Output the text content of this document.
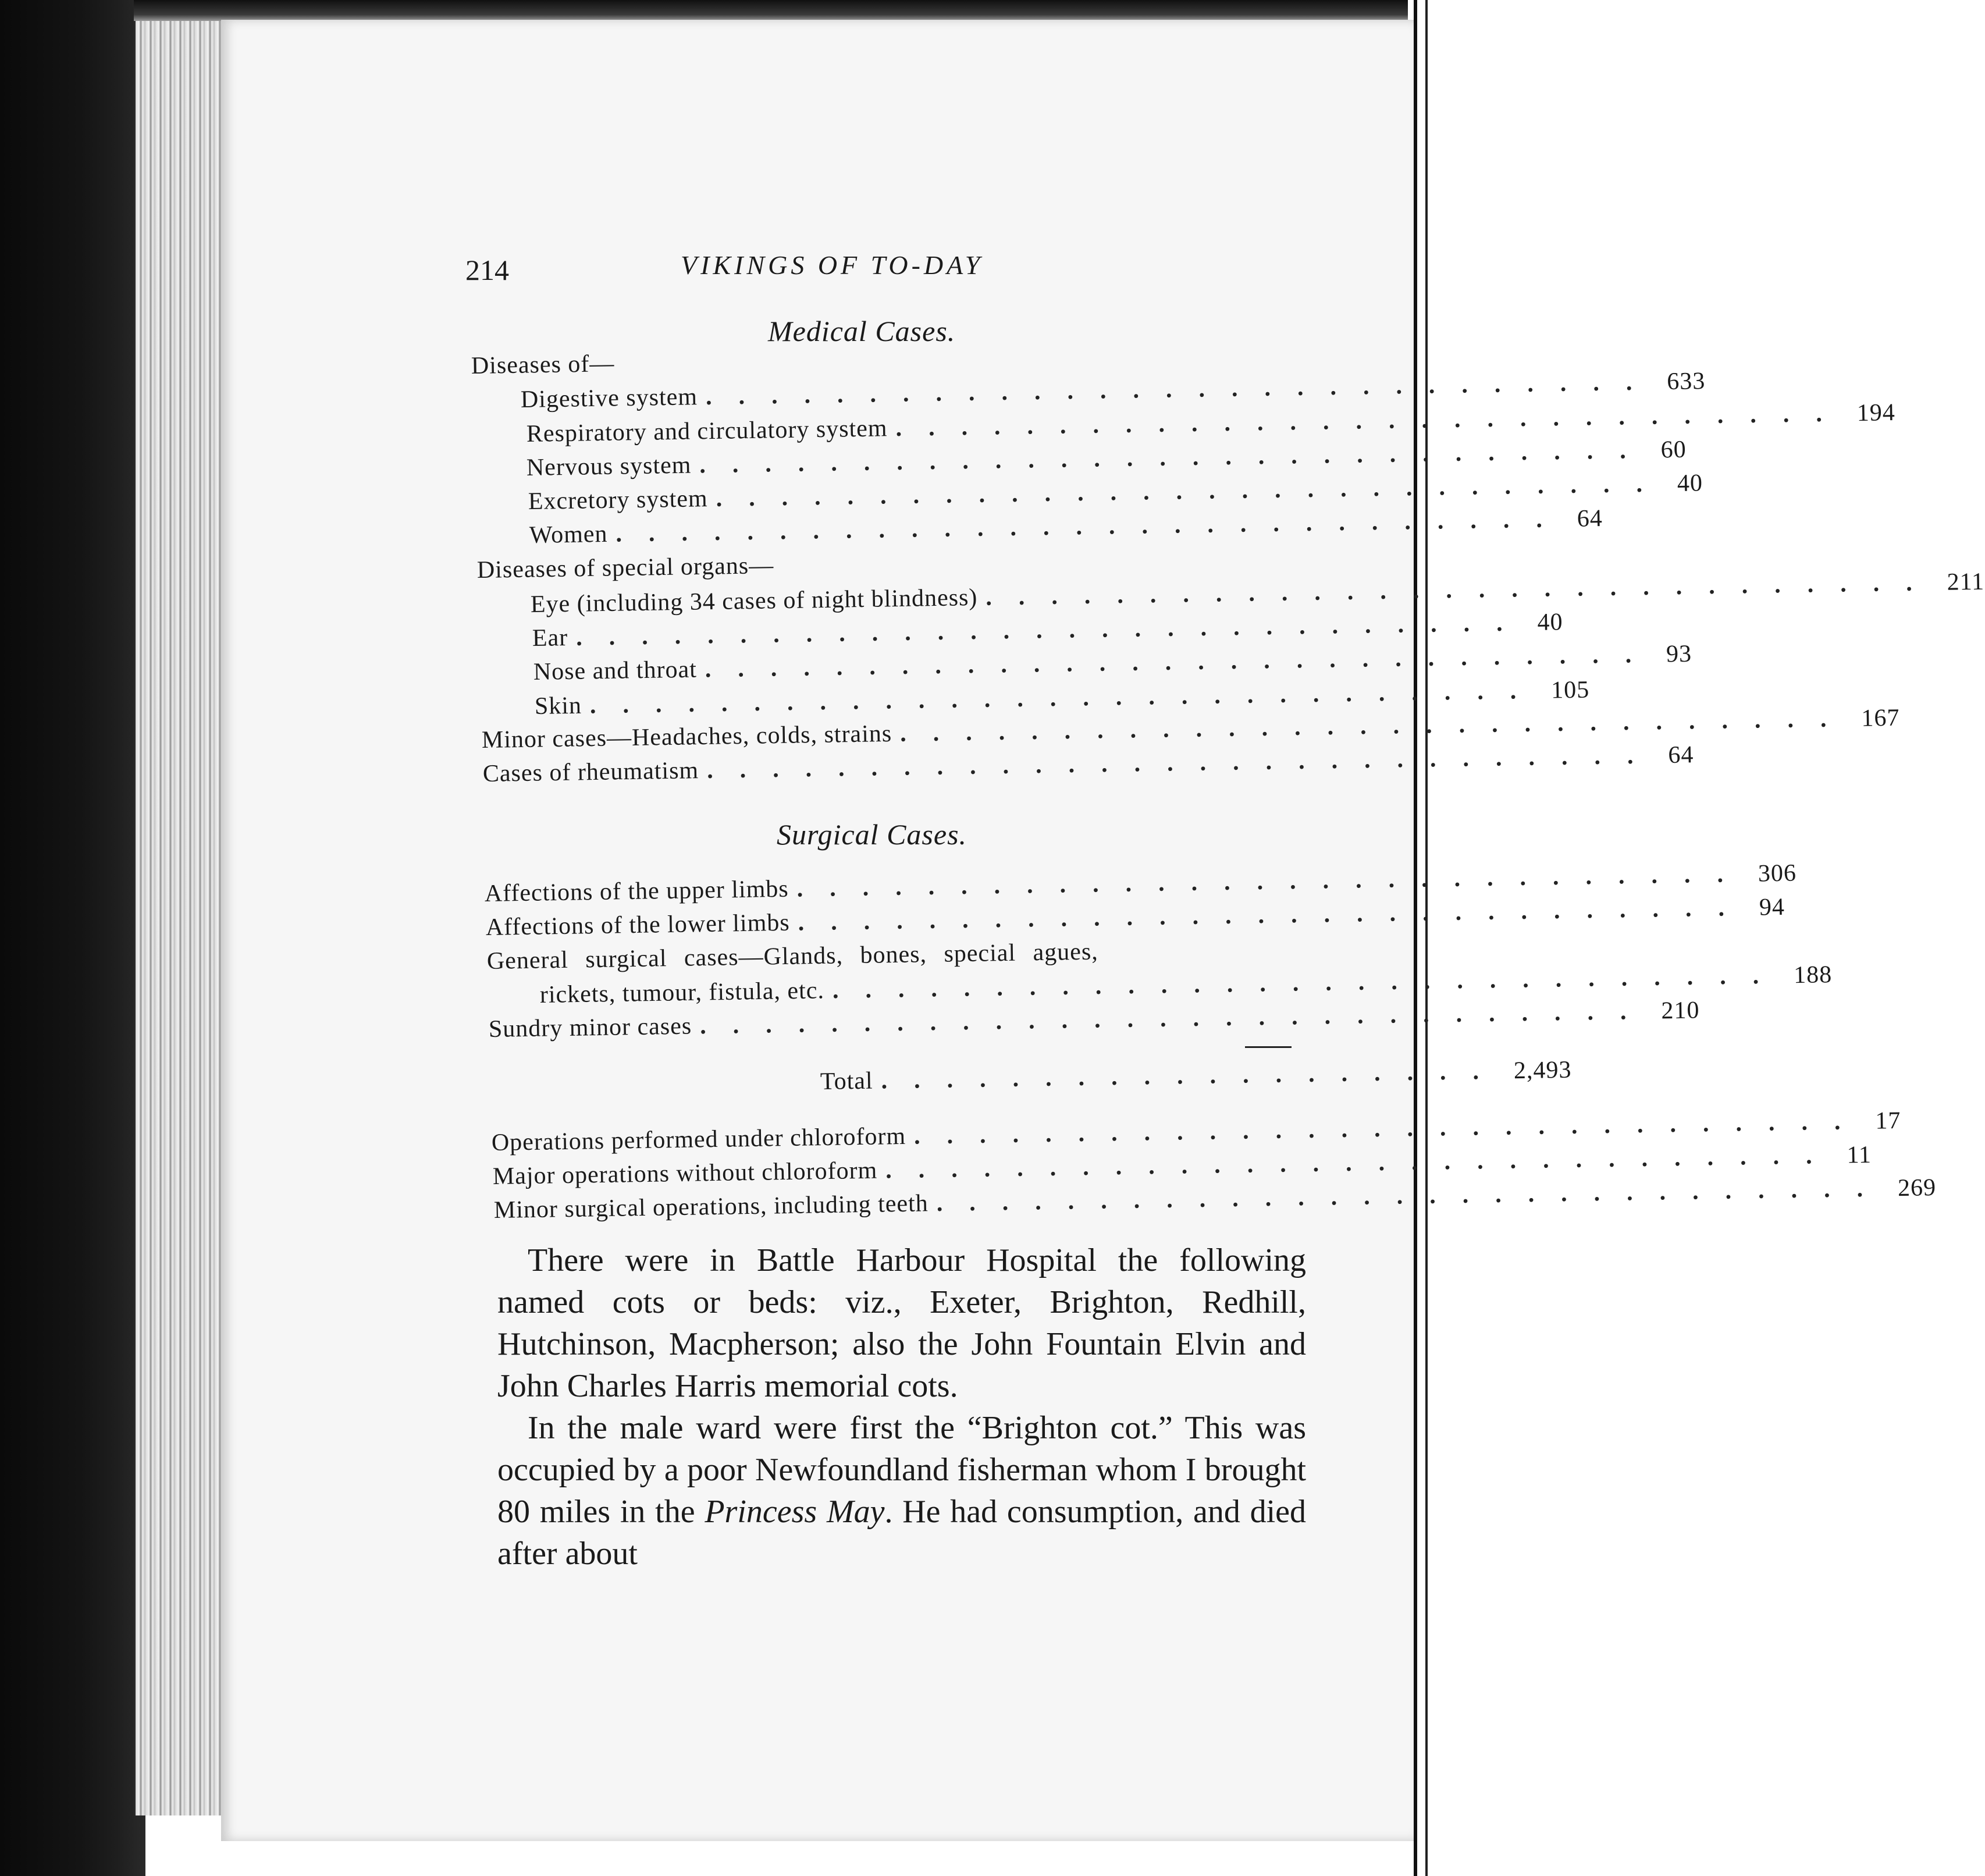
214	VIKINGS OF TO-DAY
Medical Cases.
Diseases of—
Digestive system ............................. 633
Respiratory and circulatory system ............................. 194
Nervous system ............................. 60
Excretory system ............................. 40
Women ............................. 64
Diseases of special organs—
Eye (including 34 cases of night blindness) ............................. 211
Ear ............................. 40
Nose and throat ............................. 93
Skin ............................. 105
Minor cases—Headaches, colds, strains ............................. 167
Cases of rheumatism ............................. 64
Surgical Cases.
Affections of the upper limbs ............................. 306
Affections of the lower limbs ............................. 94
General surgical cases—Glands, bones, special agues,
rickets, tumour, fistula, etc. ............................. 188
Sundry minor cases ............................. 210
Total ................... 2,493
Operations performed under chloroform ............................. 17
Major operations without chloroform ............................. 11
Minor surgical operations, including teeth ............................. 269

There were in Battle Harbour Hospital the following named cots or beds: viz., Exeter, Brighton, Redhill, Hutchinson, Macpherson; also the John Fountain Elvin and John Charles Harris memorial cots.

In the male ward were first the “Brighton cot.” This was occupied by a poor Newfoundland fisherman whom I brought 80 miles in the Princess May. He had consumption, and died after about
